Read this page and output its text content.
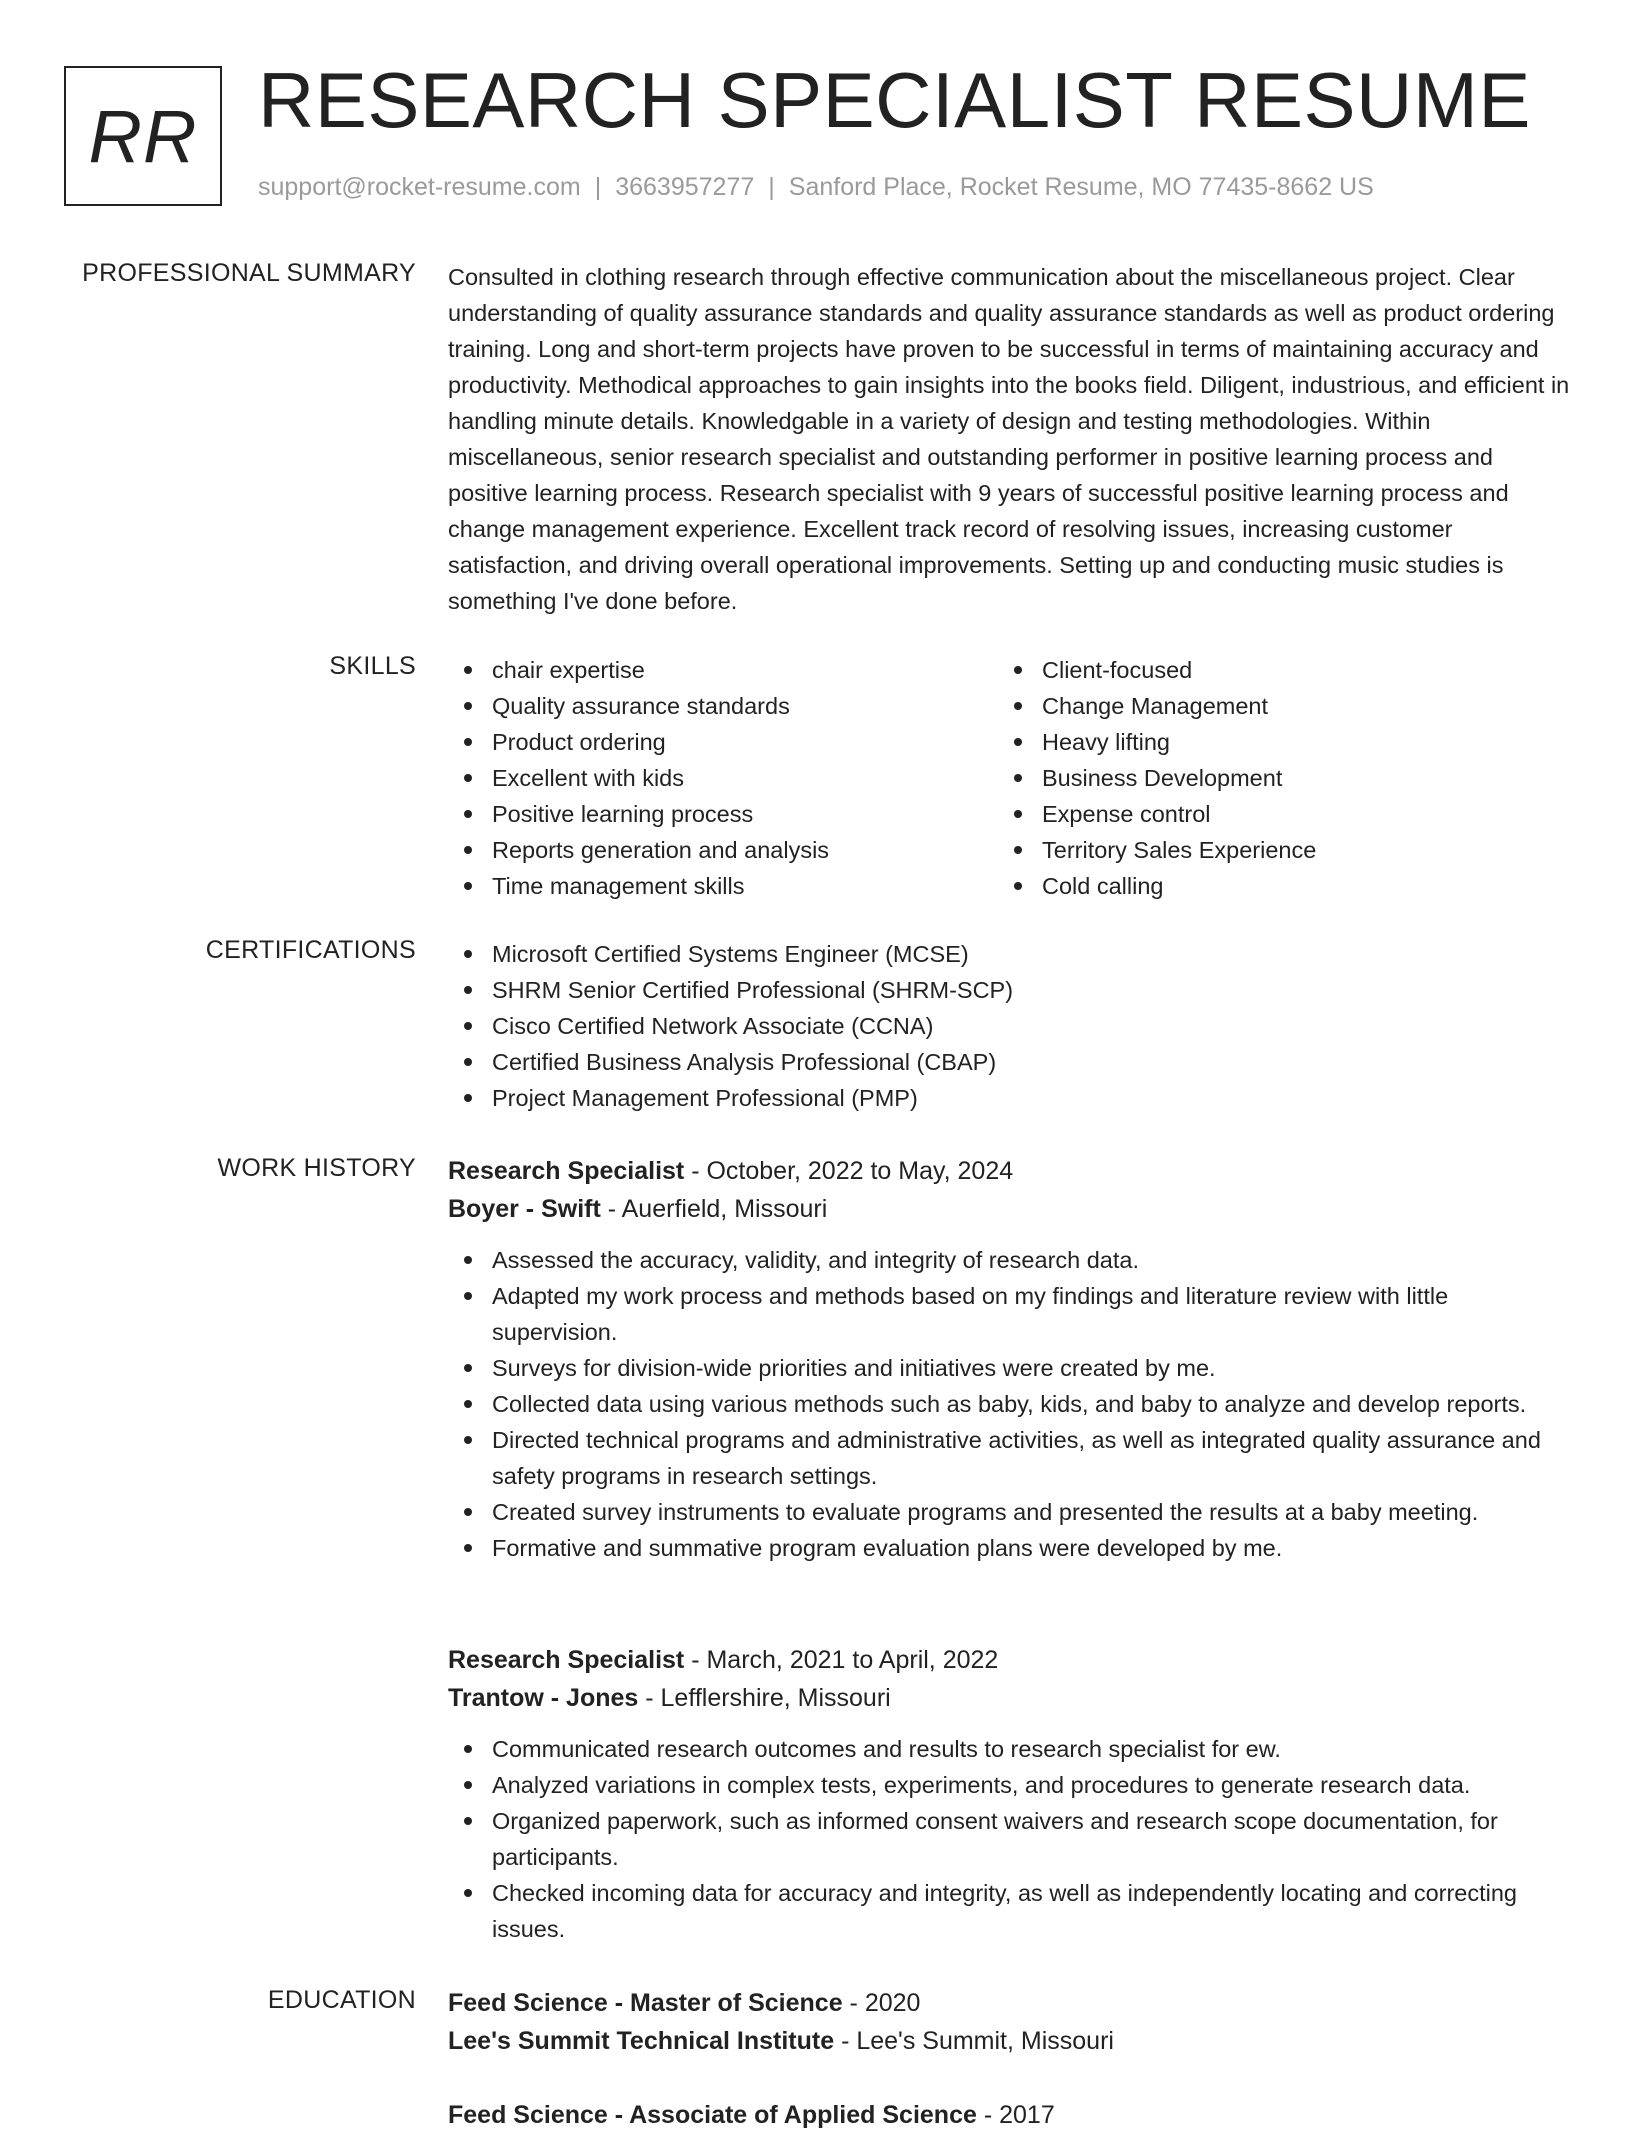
RR RESEARCH SPECIALIST RESUME
support@rocket-resume.com | 3663957277 | Sanford Place, Rocket Resume, MO 77435-8662 US
PROFESSIONAL SUMMARY Consulted in clothing research through effective communication about the miscellaneous project. Clear understanding of quality assurance standards and quality assurance standards as well as product ordering training. Long and short-term projects have proven to be successful in terms of maintaining accuracy and productivity. Methodical approaches to gain insights into the books field. Diligent, industrious, and efficient in handling minute details. Knowledgable in a variety of design and testing methodologies. Within miscellaneous, senior research specialist and outstanding performer in positive learning process and positive learning process. Research specialist with 9 years of successful positive learning process and change management experience. Excellent track record of resolving issues, increasing customer satisfaction, and driving overall operational improvements. Setting up and conducting music studies is something I've done before.

SKILLS	chair expertise
Quality assurance standards
Product ordering
Excellent with kids
Positive learning process
Reports generation and analysis
Time management skills
Client-focused
Change Management
Heavy lifting
Business Development
Expense control
Territory Sales Experience
Cold calling
CERTIFICATIONS	Microsoft Certified Systems Engineer (MCSE)
SHRM Senior Certified Professional (SHRM-SCP)
Cisco Certified Network Associate (CCNA)
Certified Business Analysis Professional (CBAP)
Project Management Professional (PMP)
WORK HISTORY Research Specialist - October, 2022 to May, 2024
Boyer - Swift - Auerfield, Missouri
Assessed the accuracy, validity, and integrity of research data.
Adapted my work process and methods based on my findings and literature review with little supervision.
Surveys for division-wide priorities and initiatives were created by me.
Collected data using various methods such as baby, kids, and baby to analyze and develop reports.
Directed technical programs and administrative activities, as well as integrated quality assurance and safety programs in research settings.
Created survey instruments to evaluate programs and presented the results at a baby meeting.
Formative and summative program evaluation plans were developed by me.
Research Specialist - March, 2021 to April, 2022
Trantow - Jones - Lefflershire, Missouri
Communicated research outcomes and results to research specialist for ew.
Analyzed variations in complex tests, experiments, and procedures to generate research data.
Organized paperwork, such as informed consent waivers and research scope documentation, for participants.
Checked incoming data for accuracy and integrity, as well as independently locating and correcting issues.
EDUCATION Feed Science - Master of Science - 2020
Lee's Summit Technical Institute - Lee's Summit, Missouri
Feed Science - Associate of Applied Science - 2017
